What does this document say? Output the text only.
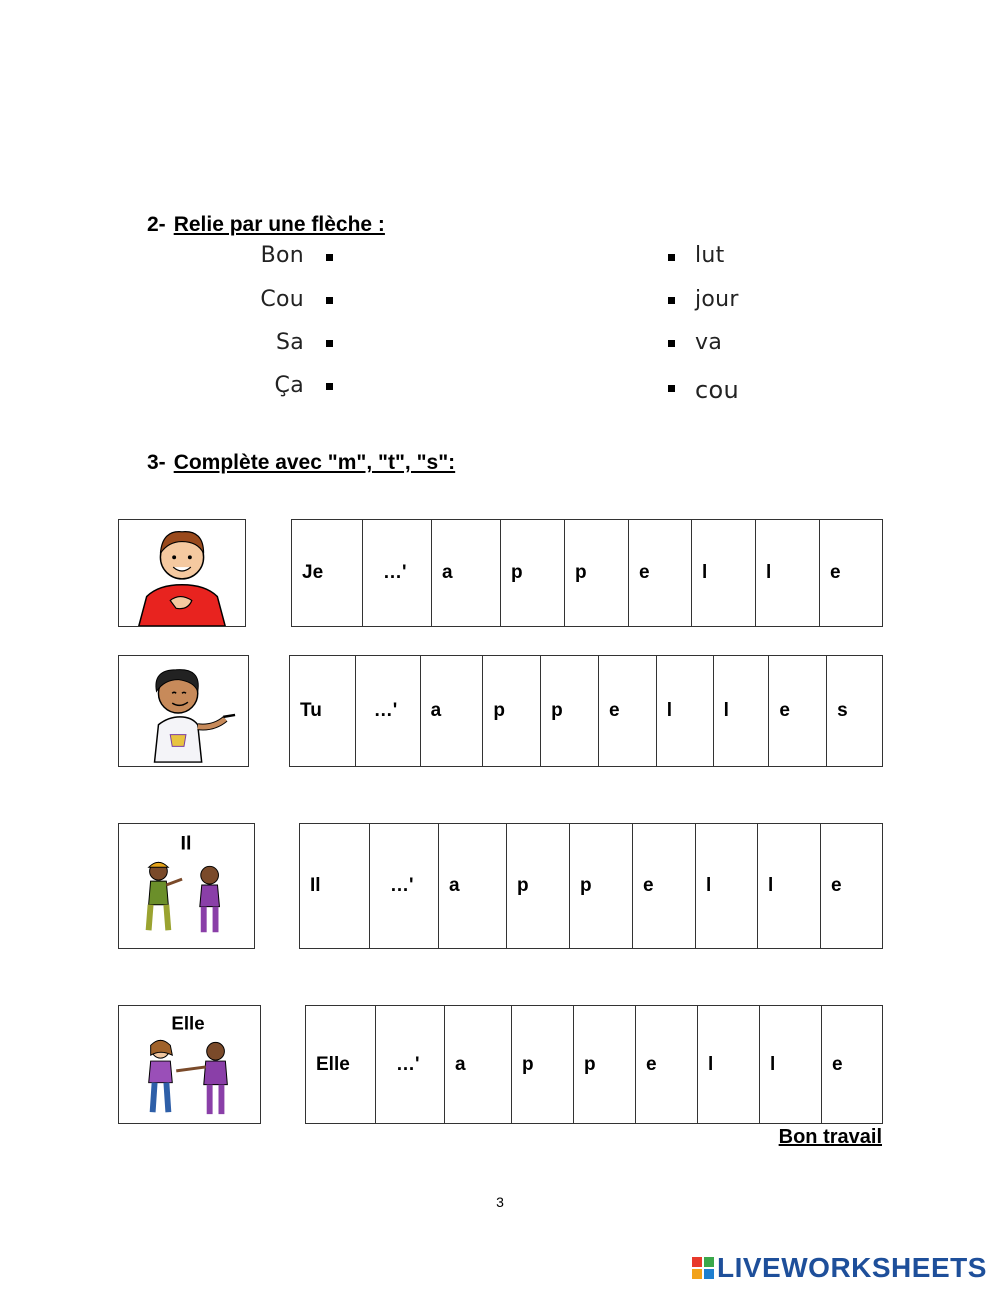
2- Relie par une flèche :
Bon
Cou
Sa
Ça
lut
jour
va
cou
3- Complète avec "m", "t", "s":
Je	…'	a	p	p	e	l	l	e
Tu	…'	a	p	p	e	l	l	e	s
Il
Il	…'	a	p	p	e	l	l	e
Elle
Elle	…'	a	p	p	e	l	l	e
Bon travail
3
LIVEWORKSHEETS
